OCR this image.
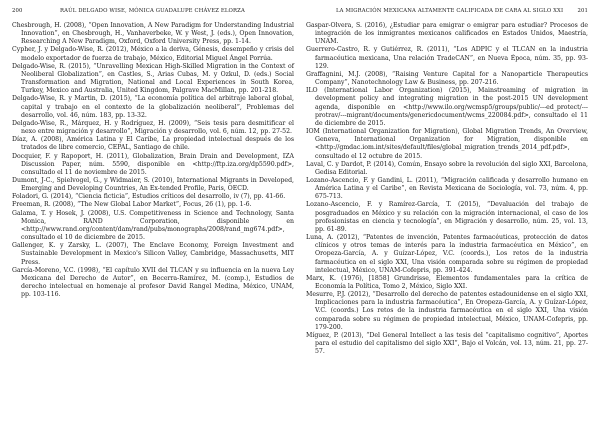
200	RAÚL DELGADO WISE, MÓNICA GUADALUPE CHÁVEZ ELORZA

Chesbrough, H. (2008), “Open Innovation, A New Paradigm for Understanding Industrial Innovation”, en Chesbrough, H., Vanhaverbeke, W. y West, J. (eds.), Open Innovation, Researching A New Paradigm, Oxford, Oxford University Press, pp. 1-14.

Cypher, J. y Delgado-Wise, R. (2012), México a la deriva, Génesis, desempeño y crisis del modelo exportador de fuerza de trabajo, México, Editorial Miguel Ángel Porrúa.

Delgado-Wise, R. (2015), “Unravelling Mexican High-Skilled Migration in the Context of Neoliberal Globalization”, en Castles, S., Arias Cubas, M. y Ozkul, D. (eds.) Social Transformation and Migration, National and Local Experiences in South Korea, Turkey, Mexico and Australia, United Kingdom, Palgrave MacMillan, pp. 201-218.

Delgado-Wise, R. y Martin, D. (2015), “La economía política del arbitraje laboral global, capital y trabajo en el contexto de la globalización neoliberal”, Problemas del desarrollo, vol. 46, núm. 183, pp. 13-32.

Delgado-Wise, R., Márquez, H. y Rodríguez, H. (2009), “Seis tesis para desmitificar el nexo entre migración y desarrollo”, Migración y desarrollo, vol. 6, núm. 12, pp. 27-52.

Díaz, A. (2008), América Latina y El Caribe, La propiedad intelectual después de los tratados de libre comercio, CEPAL, Santiago de chile.

Docquier, F. y Rapoport, H. (2011), Globalization, Brain Drain and Development, IZA Discussion Paper, núm. 5590, disponible en <http://ftp.iza.org/dp5590.pdf>, consultado el 11 de noviembre de 2015.

Dumont, J-C., Spielvogel, G., y Widmaier, S. (2010), International Migrants in Developed, Emerging and Developing Countries, An Ex-tended Profile, Paris, OECD.

Foladori, G. (2014), “Ciencia ficticia”, Estudios críticos del desarrollo, iv (7), pp. 41-66.

Freeman, R. (2008), “The New Global Labor Market”, Focus, 26 (1), pp. 1-6.

Galama, T. y Hosek, J. (2008), U.S. Competitiveness in Science and Technology, Santa Monica, RAND Corporation, disponible en <http://www.rand.org/content/dam/rand/pubs/monographs/2008/rand_mg674.pdf>, consultado el 10 de diciembre de 2015.

Gallenger, K. y Zarsky, L. (2007), The Enclave Economy, Foreign Investment and Sustainable Development in Mexico's Silicon Valley, Cambridge, Massachusetts, MIT Press.

García-Moreno, V.C. (1998), “El capítulo XVII del TLCAN y su influencia en la nueva Ley Mexicana del Derecho de Autor”, en Becerra-Ramírez, M. (comp.), Estudios de derecho intelectual en homenaje al profesor David Rangel Medina, México, UNAM, pp. 103-116.

LA MIGRACIÓN MEXICANA ALTAMENTE CALIFICADA DE CARA AL SIGLO XXI	201

Gaspar-Olvera, S. (2016), ¿Estudiar para emigrar o emigrar para estudiar? Procesos de integración de los inmigrantes mexicanos calificados en Estados Unidos, Maestría, UNAM.

Guerrero-Castro, R. y Gutiérrez, R. (2011), “Los ADPIC y el TLCAN en la industria farmacéutica mexicana, Una relación TradeCAN”, en Nueva Época, núm. 35, pp. 93-129.

Graffagnini, M.J. (2008), “Raising Venture Capital for a Nanoparticle Therapeutics Company”, Nanotechnology Law & Business, pp. 207-216.

ILO (International Labor Organization) (2015), Mainstreaming of migration in development policy and integrating migration in the post-2015 UN development agenda, disponible en <http://www.ilo.org/wcmsp5/groups/public/---ed_protect/---protrav/---migrant/documents/genericdocument/wcms_220084.pdf>, consultado el 11 de diciembre de 2015.

IOM (International Organization for Migration), Global Migration Trends, An Overview, Geneva, International Organization for Migration, disponible en <http://gmdac.iom.int/sites/default/files/global_migration_trends_2014_pdf.pdf>, consultado el 12 octubre de 2015.

Laval, C. y Dardot, P. (2014), Común, Ensayo sobre la revolución del siglo XXI, Barcelona, Gedisa Editorial.

Lozano-Ascencio, F. y Gandini, L. (2011), “Migración calificada y desarrollo humano en América Latina y el Caribe”, en Revista Mexicana de Sociología, vol. 73, núm. 4, pp. 675-713.

Lozano-Ascencio, F. y Ramírez-García, T. (2015), “Devaluación del trabajo de posgraduados en México y su relación con la migración internacional, el caso de los profesionistas en ciencia y tecnología”, en Migración y desarrollo, núm. 25, vol. 13, pp. 61-89.

Luna, A. (2012), “Patentes de invención, Patentes farmacéuticas, protección de datos clínicos y otros temas de interés para la industria farmacéutica en México”, en Oropeza-García, A. y Guízar-López, V.C. (coords.), Los retos de la industria farmacéutica en el siglo XXI, Una visión comparada sobre su régimen de propiedad intelectual, México, UNAM-Cofepris, pp. 391-424.

Marx, K. (1976), [1858] Grundrisse, Elementos fundamentales para la crítica de Economía la Política, Tomo 2, México, Siglo XXI.

Mesurre, P.J. (2012), “Desarrollo del derecho de patentes estadounidense en el siglo XXI, Implicaciones para la industria farmacéutica”, En Oropeza-García, A. y Guízar-López, V.C. (coords.) Los retos de la industria farmacéutica en el siglo XXI, Una visión comparada sobre su régimen de propiedad intelectual, México, UNAM-Cofepris, pp. 179-200.

Míguez, P. (2013), “Del General Intellect a las tesis del “capitalismo cognitivo”, Aportes para el estudio del capitalismo del siglo XXI”, Bajo el Volcán, vol. 13, núm. 21, pp. 27-57.
